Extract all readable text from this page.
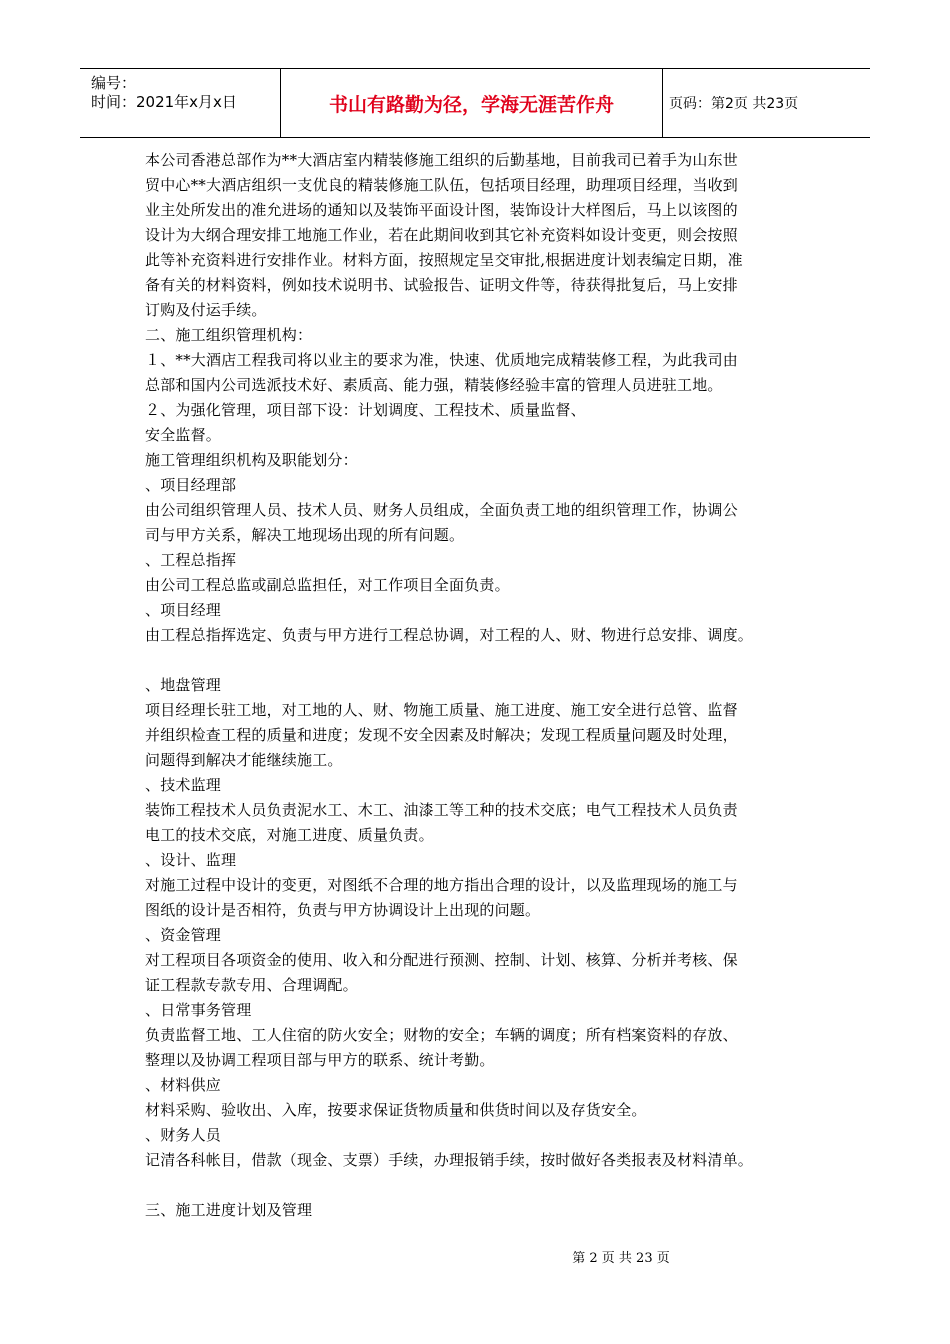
编号：
时间：2021年x月x日	书山有路勤为径，学海无涯苦作舟	页码：第2页 共23页
本公司香港总部作为**大酒店室内精装修施工组织的后勤基地，目前我司已着手为山东世
贸中心**大酒店组织一支优良的精装修施工队伍，包括项目经理，助理项目经理，当收到
业主处所发出的准允进场的通知以及装饰平面设计图，装饰设计大样图后，马上以该图的
设计为大纲合理安排工地施工作业，若在此期间收到其它补充资料如设计变更，则会按照
此等补充资料进行安排作业。材料方面，按照规定呈交审批,根据进度计划表编定日期，准
备有关的材料资料，例如技术说明书、试验报告、证明文件等，待获得批复后，马上安排
订购及付运手续。
二、施工组织管理机构：
１、**大酒店工程我司将以业主的要求为准，快速、优质地完成精装修工程，为此我司由
总部和国内公司选派技术好、素质高、能力强，精装修经验丰富的管理人员进驻工地。
２、为强化管理，项目部下设：计划调度、工程技术、质量监督、
安全监督。
施工管理组织机构及职能划分：
、项目经理部
由公司组织管理人员、技术人员、财务人员组成，全面负责工地的组织管理工作，协调公
司与甲方关系，解决工地现场出现的所有问题。
、工程总指挥
由公司工程总监或副总监担任，对工作项目全面负责。
、项目经理
由工程总指挥选定、负责与甲方进行工程总协调，对工程的人、财、物进行总安排、调度。
、地盘管理
项目经理长驻工地，对工地的人、财、物施工质量、施工进度、施工安全进行总管、监督
并组织检查工程的质量和进度；发现不安全因素及时解决；发现工程质量问题及时处理，
问题得到解决才能继续施工。
、技术监理
装饰工程技术人员负责泥水工、木工、油漆工等工种的技术交底；电气工程技术人员负责
电工的技术交底，对施工进度、质量负责。
、设计、监理
对施工过程中设计的变更，对图纸不合理的地方指出合理的设计，以及监理现场的施工与
图纸的设计是否相符，负责与甲方协调设计上出现的问题。
、资金管理
对工程项目各项资金的使用、收入和分配进行预测、控制、计划、核算、分析并考核、保
证工程款专款专用、合理调配。
、日常事务管理
负责监督工地、工人住宿的防火安全；财物的安全；车辆的调度；所有档案资料的存放、
整理以及协调工程项目部与甲方的联系、统计考勤。
、材料供应
材料采购、验收出、入库，按要求保证货物质量和供货时间以及存货安全。
、财务人员
记清各科帐目，借款（现金、支票）手续，办理报销手续，按时做好各类报表及材料清单。
三、施工进度计划及管理
第 2 页 共 23 页
